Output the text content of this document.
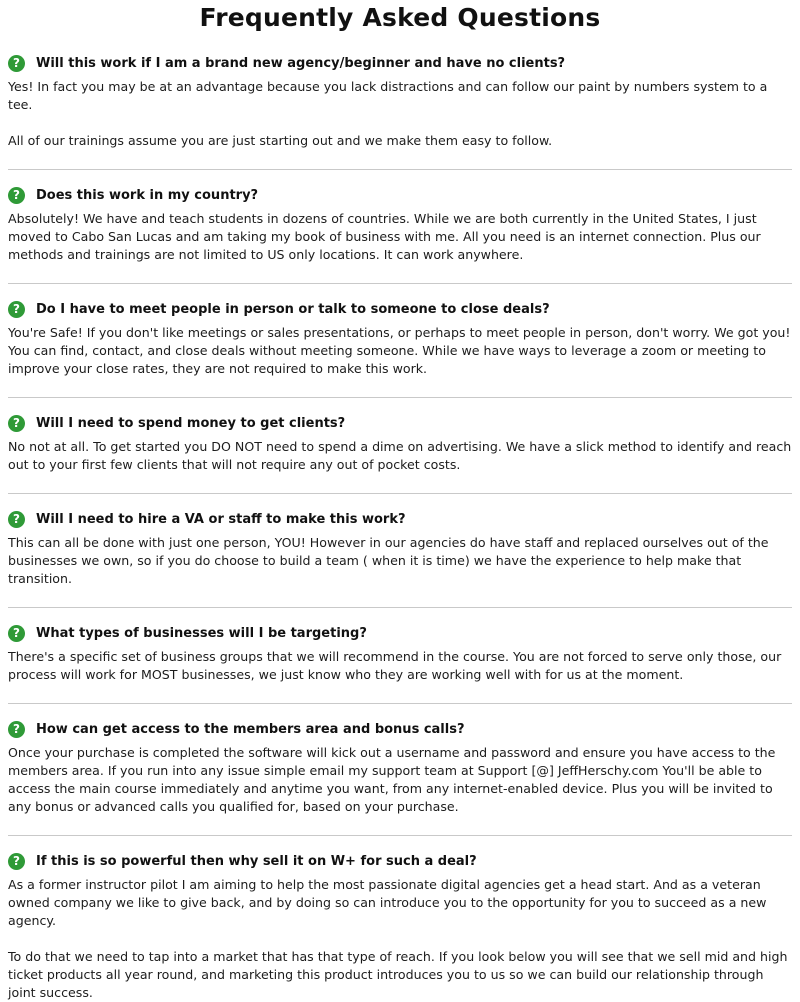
Frequently Asked Questions
?	Will this work if I am a brand new agency/beginner and have no clients?

Yes! In fact you may be at an advantage because you lack distractions and can follow our paint by numbers system to a tee.

All of our trainings assume you are just starting out and we make them easy to follow.

?	Does this work in my country?

Absolutely! We have and teach students in dozens of countries. While we are both currently in the United States, I just moved to Cabo San Lucas and am taking my book of business with me. All you need is an internet connection. Plus our methods and trainings are not limited to US only locations. It can work anywhere.

?	Do I have to meet people in person or talk to someone to close deals?

You're Safe! If you don't like meetings or sales presentations, or perhaps to meet people in person, don't worry. We got you! You can find, contact, and close deals without meeting someone. While we have ways to leverage a zoom or meeting to improve your close rates, they are not required to make this work.

?	Will I need to spend money to get clients?

No not at all. To get started you DO NOT need to spend a dime on advertising. We have a slick method to identify and reach out to your first few clients that will not require any out of pocket costs.

?	Will I need to hire a VA or staff to make this work?

This can all be done with just one person, YOU! However in our agencies do have staff and replaced ourselves out of the businesses we own, so if you do choose to build a team ( when it is time) we have the experience to help make that transition.

?	What types of businesses will I be targeting?

There's a specific set of business groups that we will recommend in the course. You are not forced to serve only those, our process will work for MOST businesses, we just know who they are working well with for us at the moment.

?	How can get access to the members area and bonus calls?

Once your purchase is completed the software will kick out a username and password and ensure you have access to the members area. If you run into any issue simple email my support team at Support [@] JeffHerschy.com You'll be able to access the main course immediately and anytime you want, from any internet-enabled device. Plus you will be invited to any bonus or advanced calls you qualified for, based on your purchase.

?	If this is so powerful then why sell it on W+ for such a deal?

As a former instructor pilot I am aiming to help the most passionate digital agencies get a head start. And as a veteran owned company we like to give back, and by doing so can introduce you to the opportunity for you to succeed as a new agency.

To do that we need to tap into a market that has that type of reach. If you look below you will see that we sell mid and high ticket products all year round, and marketing this product introduces you to us so we can build our relationship through joint success.
